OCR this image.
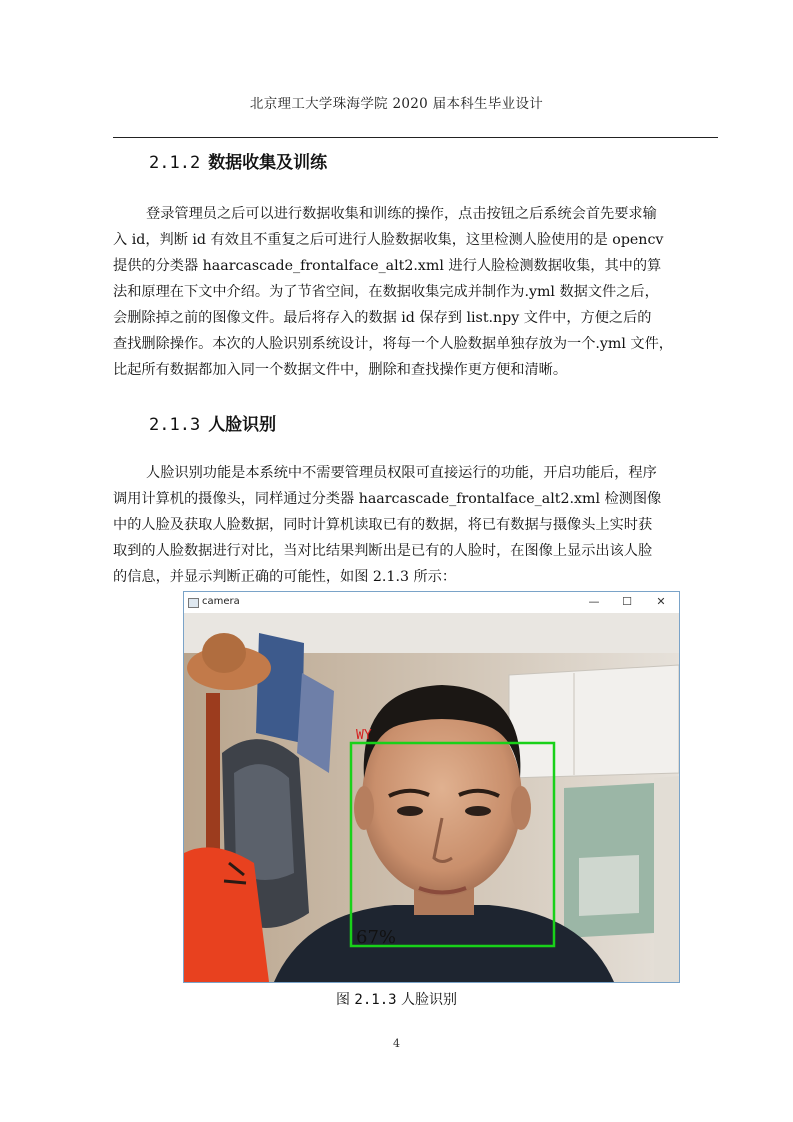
北京理工大学珠海学院 2020 届本科生毕业设计
2.1.2 数据收集及训练
登录管理员之后可以进行数据收集和训练的操作，点击按钮之后系统会首先要求输
入 id，判断 id 有效且不重复之后可进行人脸数据收集，这里检测人脸使用的是 opencv
提供的分类器 haarcascade_frontalface_alt2.xml 进行人脸检测数据收集，其中的算
法和原理在下文中介绍。为了节省空间，在数据收集完成并制作为.yml 数据文件之后，
会删除掉之前的图像文件。最后将存入的数据 id 保存到 list.npy 文件中，方便之后的
查找删除操作。本次的人脸识别系统设计，将每一个人脸数据单独存放为一个.yml 文件，
比起所有数据都加入同一个数据文件中，删除和查找操作更方便和清晰。
2.1.3 人脸识别
人脸识别功能是本系统中不需要管理员权限可直接运行的功能，开启功能后，程序
调用计算机的摄像头，同样通过分类器 haarcascade_frontalface_alt2.xml 检测图像
中的人脸及获取人脸数据，同时计算机读取已有的数据，将已有数据与摄像头上实时获
取到的人脸数据进行对比，当对比结果判断出是已有的人脸时，在图像上显示出该人脸
的信息，并显示判断正确的可能性，如图 2.1.3 所示：
camera	—	☐	✕
WY
67%
图 2.1.3 人脸识别
4
